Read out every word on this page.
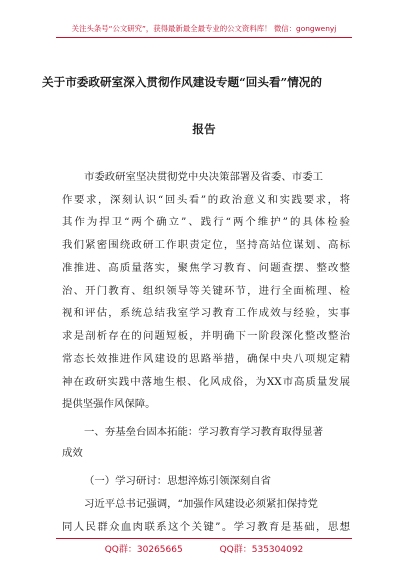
关注头条号“公文研究”，获得最新最全最专业的公文资料库！ 微信：gongwenyj
关于市委政研室深入贯彻作风建设专题“回头看”情况的
报告
市委政研室坚决贯彻党中央决策部署及省委、市委工
作要求，深刻认识“回头看”的政治意义和实践要求，将
其作为捍卫“两个确立”、践行“两个维护”的具体检验
我们紧密围绕政研工作职责定位，坚持高站位谋划、高标
准推进、高质量落实，聚焦学习教育、问题查摆、整改整
治、开门教育、组织领导等关键环节，进行全面梳理、检
视和评估，系统总结我室学习教育工作成效与经验，实事
求是剖析存在的问题短板，并明确下一阶段深化整改整治
常态长效推进作风建设的思路举措，确保中央八项规定精
神在政研实践中落地生根、化风成俗，为XX市高质量发展
提供坚强作风保障。
一、夯基垒台固本拓能：学习教育学习教育取得显著
成效
（一）学习研讨：思想淬炼引领深刻自省
习近平总书记强调，“加强作风建设必须紧扣保持党
同人民群众血肉联系这个关键”。学习教育是基础，思想
QQ群：30265665	QQ群：535304092
